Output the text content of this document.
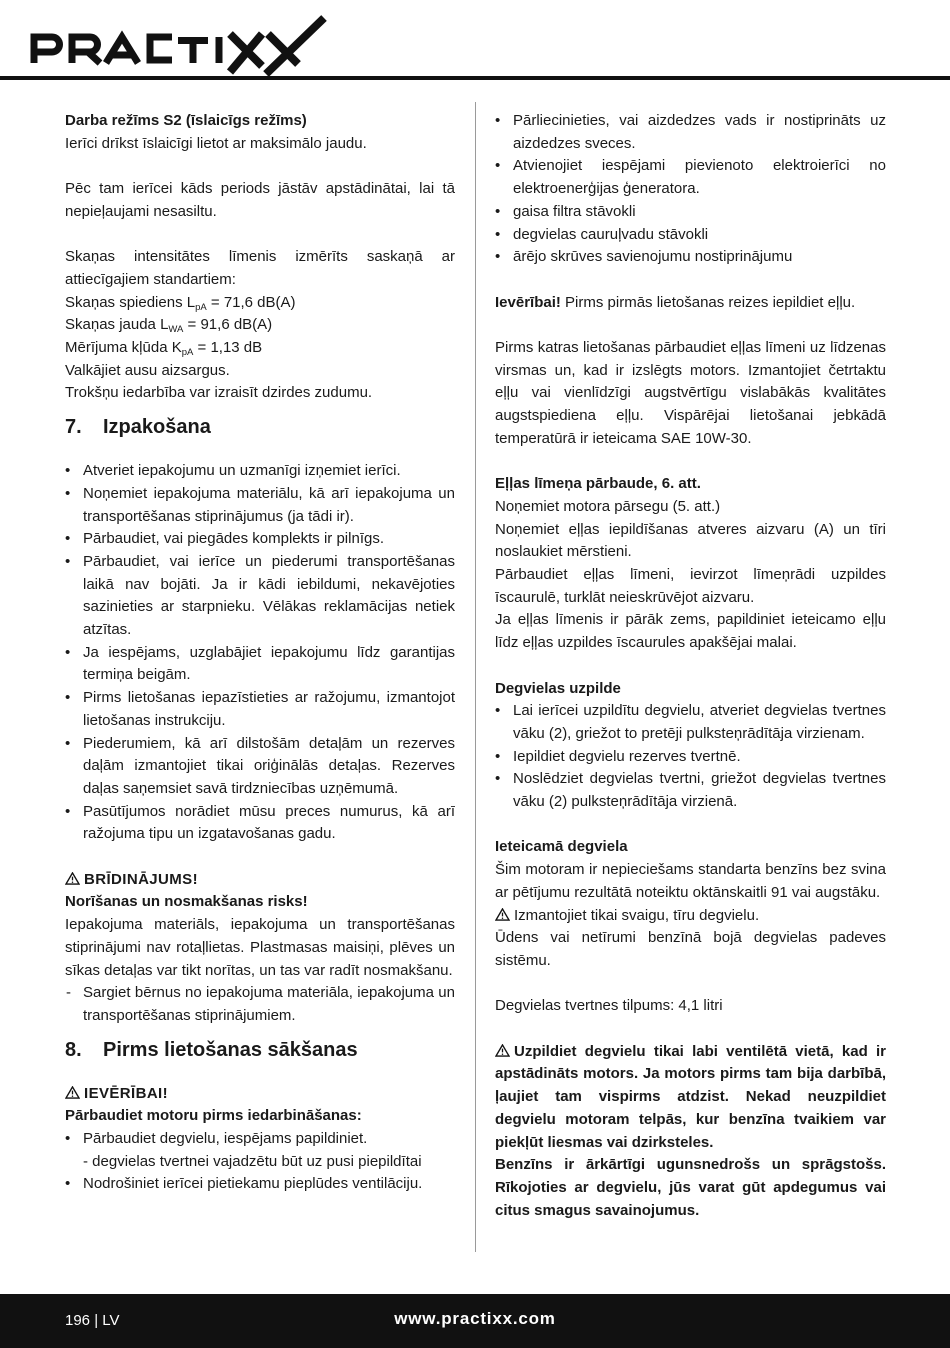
Darba režīms S2 (īslaicīgs režīms)

Ierīci drīkst īslaicīgi lietot ar maksimālo jaudu.

Pēc tam ierīcei kāds periods jāstāv apstādinātai, lai tā nepieļaujami nesasiltu.

Skaņas intensitātes līmenis izmērīts saskaņā ar attiecīgajiem standartiem:

Skaņas spiediens $L_{pA} = 71,6$ dB(A)

Skaņas jauda $L_{WA} = 91,6$ dB(A)

Mērījuma kļūda $K_{pA} = 1,13$ dB

Valkājiet ausu aizsargus.

Trokšņu iedarbība var izraisīt dzirdes zudumu.

7. Izpakošana
• Atveriet iepakojumu un uzmanīgi izņemiet ierīci.
• Noņemiet iepakojuma materiālu, kā arī iepakojuma un transportēšanas stiprinājumus (ja tādi ir).
• Pārbaudiet, vai piegādes komplekts ir pilnīgs.
• Pārbaudiet, vai ierīce un piederumi transportēšanas laikā nav bojāti. Ja ir kādi iebildumi, nekavējoties sazinieties ar starpnieku. Vēlākas reklamācijas netiek atzītas.
• Ja iespējams, uzglabājiet iepakojumu līdz garantijas termiņa beigām.
• Pirms lietošanas iepazīstieties ar ražojumu, izmantojot lietošanas instrukciju.
• Piederumiem, kā arī dilstošām detaļām un rezerves daļām izmantojiet tikai oriģinālās detaļas. Rezerves daļas saņemsiet savā tirdzniecības uzņēmumā.
• Pasūtījumos norādiet mūsu preces numurus, kā arī ražojuma tipu un izgatavošanas gadu.

BRĪDINĀJUMS!

Norīšanas un nosmakšanas risks!

Iepakojuma materiāls, iepakojuma un transportēšanas stiprinājumi nav rotaļlietas. Plastmasas maisiņi, plēves un sīkas detaļas var tikt norītas, un tas var radīt nosmakšanu.

- Sargiet bērnus no iepakojuma materiāla, iepakojuma un transportēšanas stiprinājumiem.
8. Pirms lietošanas sākšanas

IEVĒRĪBAI!

Pārbaudiet motoru pirms iedarbināšanas:

• Pārbaudiet degvielu, iespējams papildiniet.
- degvielas tvertnei vajadzētu būt uz pusi piepildītai
• Nodrošiniet ierīcei pietiekamu pieplūdes ventilāciju.
• Pārliecinieties, vai aizdedzes vads ir nostiprināts uz aizdedzes sveces.
• Atvienojiet iespējami pievienoto elektroierīci no elektroenerģijas ģeneratora.
• gaisa filtra stāvokli
• degvielas cauruļvadu stāvokli
• ārējo skrūves savienojumu nostiprinājumu

Ievērībai! Pirms pirmās lietošanas reizes iepildiet eļļu.

Pirms katras lietošanas pārbaudiet eļļas līmeni uz līdzenas virsmas un, kad ir izslēgts motors. Izmantojiet četrtaktu eļļu vai vienlīdzīgi augstvērtīgu vislabākās kvalitātes augstspiediena eļļu. Vispārējai lietošanai jebkādā temperatūrā ir ieteicama SAE 10W-30.

Eļļas līmeņa pārbaude, 6. att.

Noņemiet motora pārsegu (5. att.)

Noņemiet eļļas iepildīšanas atveres aizvaru (A) un tīri noslaukiet mērstieni.

Pārbaudiet eļļas līmeni, ievirzot līmeņrādi uzpildes īscaurulē, turklāt neieskrūvējot aizvaru.

Ja eļļas līmenis ir pārāk zems, papildiniet ieteicamo eļļu līdz eļļas uzpildes īscaurules apakšējai malai.

Degvielas uzpilde

• Lai ierīcei uzpildītu degvielu, atveriet degvielas tvertnes vāku (2), griežot to pretēji pulksteņrādītāja virzienam.
• Iepildiet degvielu rezerves tvertnē.
• Noslēdziet degvielas tvertni, griežot degvielas tvertnes vāku (2) pulksteņrādītāja virzienā.

Ieteicamā degviela

Šim motoram ir nepieciešams standarta benzīns bez svina ar pētījumu rezultātā noteiktu oktānskaitli 91 vai augstāku.

Izmantojiet tikai svaigu, tīru degvielu.

Ūdens vai netīrumi benzīnā bojā degvielas padeves sistēmu.

Degvielas tvertnes tilpums: 4,1 litri

Uzpildiet degvielu tikai labi ventilētā vietā, kad ir apstādināts motors. Ja motors pirms tam bija darbībā, ļaujiet tam vispirms atdzist. Nekad neuzpildiet degvielu motoram telpās, kur benzīna tvaikiem var piekļūt liesmas vai dzirksteles.

Benzīns ir ārkārtīgi ugunsnedrošs un sprāgstošs. Rīkojoties ar degvielu, jūs varat gūt apdegumus vai citus smagus savainojumus.

196 | LV	www.practixx.com
